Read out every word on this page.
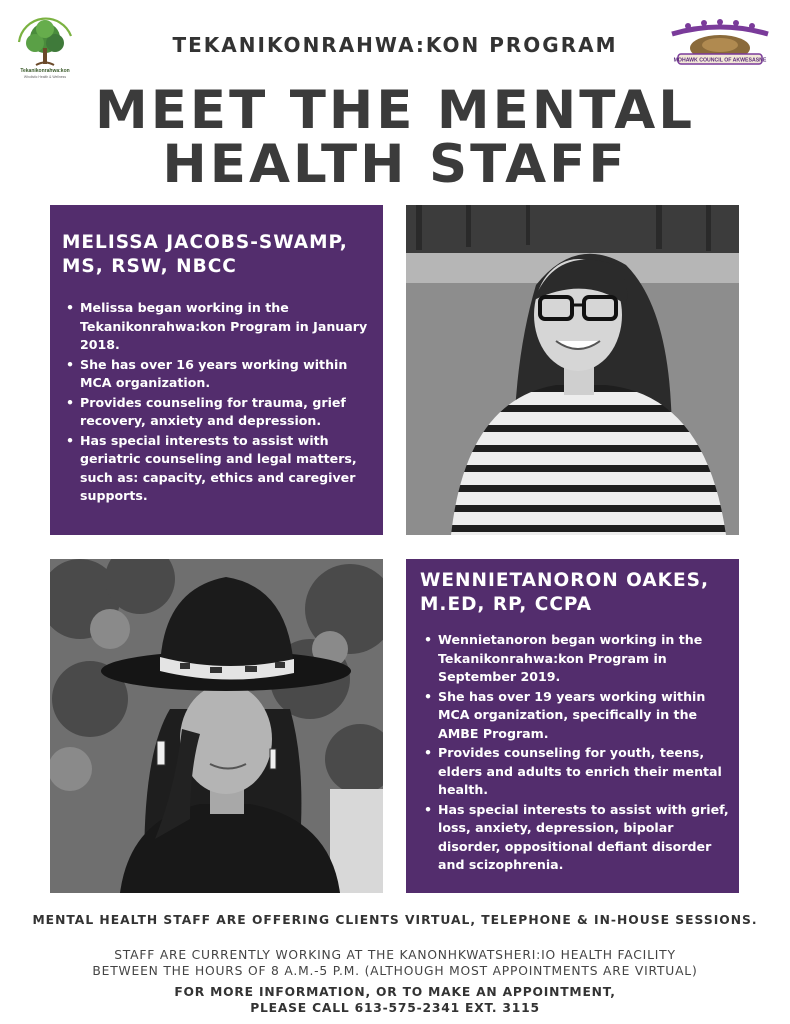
Tekanikonrahwa:kon
Wholistic Health & Wellness
MOHAWK COUNCIL OF AKWESASNE
TEKANIKONRAHWA:KON PROGRAM
MEET THE MENTAL
HEALTH STAFF
MELISSA JACOBS-SWAMP,
MS, RSW, NBCC
• Melissa began working in the Tekanikonrahwa:kon Program in January 2018.
• She has over 16 years working within MCA organization.
• Provides counseling for trauma, grief recovery, anxiety and depression.
• Has special interests to assist with geriatric counseling and legal matters, such as: capacity, ethics and caregiver supports.
WENNIETANORON OAKES,
M.ED, RP, CCPA
• Wennietanoron began working in the Tekanikonrahwa:kon Program in September 2019.
• She has over 19 years working within MCA organization, specifically in the AMBE Program.
• Provides counseling for youth, teens, elders and adults to enrich their mental health.
• Has special interests to assist with grief, loss, anxiety, depression, bipolar disorder, oppositional defiant disorder and scizophrenia.
MENTAL HEALTH STAFF ARE OFFERING CLIENTS VIRTUAL, TELEPHONE & IN-HOUSE SESSIONS.
STAFF ARE CURRENTLY WORKING AT THE KANONHKWATSHERI:IO HEALTH FACILITY
BETWEEN THE HOURS OF 8 A.M.-5 P.M. (ALTHOUGH MOST APPOINTMENTS ARE VIRTUAL)
FOR MORE INFORMATION, OR TO MAKE AN APPOINTMENT,
PLEASE CALL 613-575-2341 EXT. 3115
